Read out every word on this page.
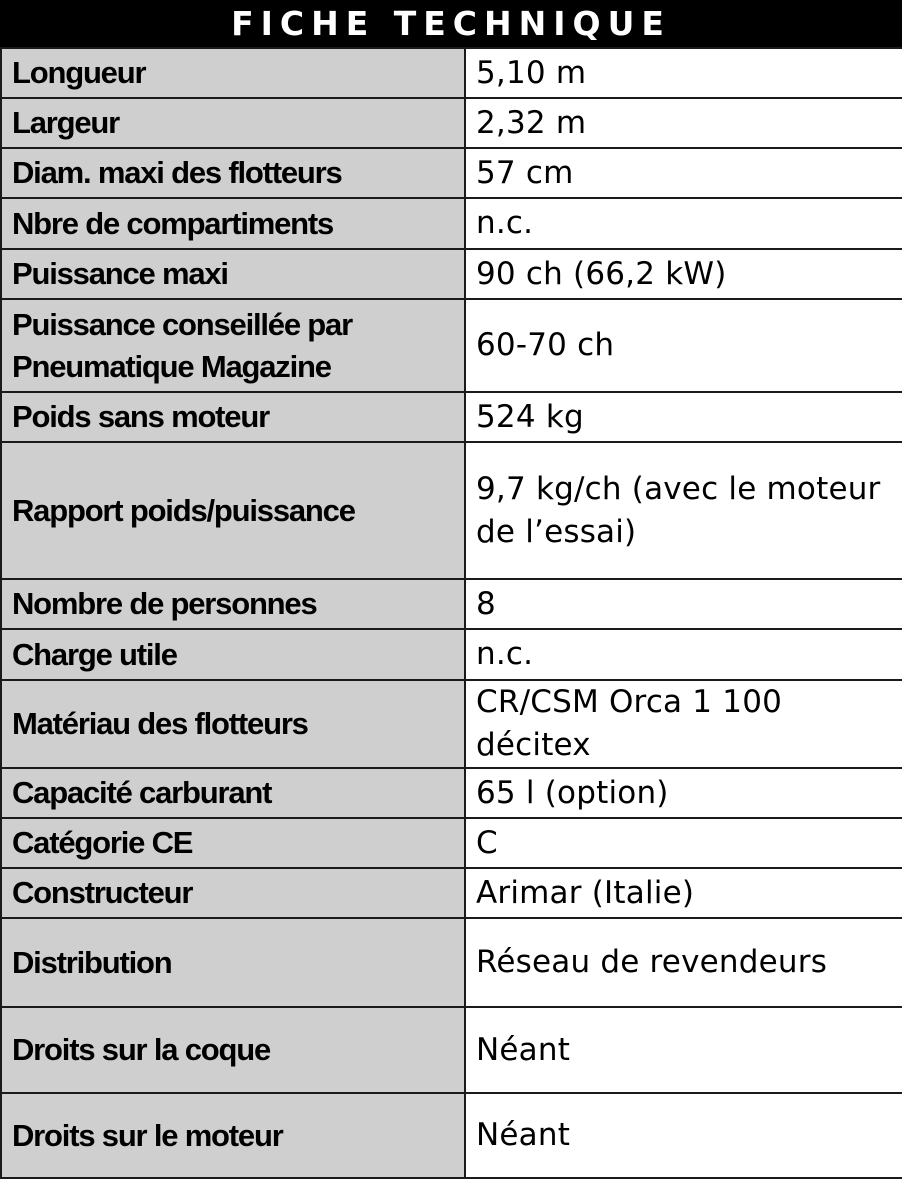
FICHE TECHNIQUE
Longueur	5,10 m
Largeur	2,32 m
Diam. maxi des flotteurs	57 cm
Nbre de compartiments	n.c.
Puissance maxi	90 ch (66,2 kW)
Puissance conseillée par Pneumatique Magazine	60-70 ch
Poids sans moteur	524 kg
Rapport poids/puissance	9,7 kg/ch (avec le moteur de l’essai)
Nombre de personnes	8
Charge utile	n.c.
Matériau des flotteurs	CR/CSM Orca 1 100 décitex
Capacité carburant	65 l (option)
Catégorie CE	C
Constructeur	Arimar (Italie)
Distribution	Réseau de revendeurs
Droits sur la coque	Néant
Droits sur le moteur	Néant
